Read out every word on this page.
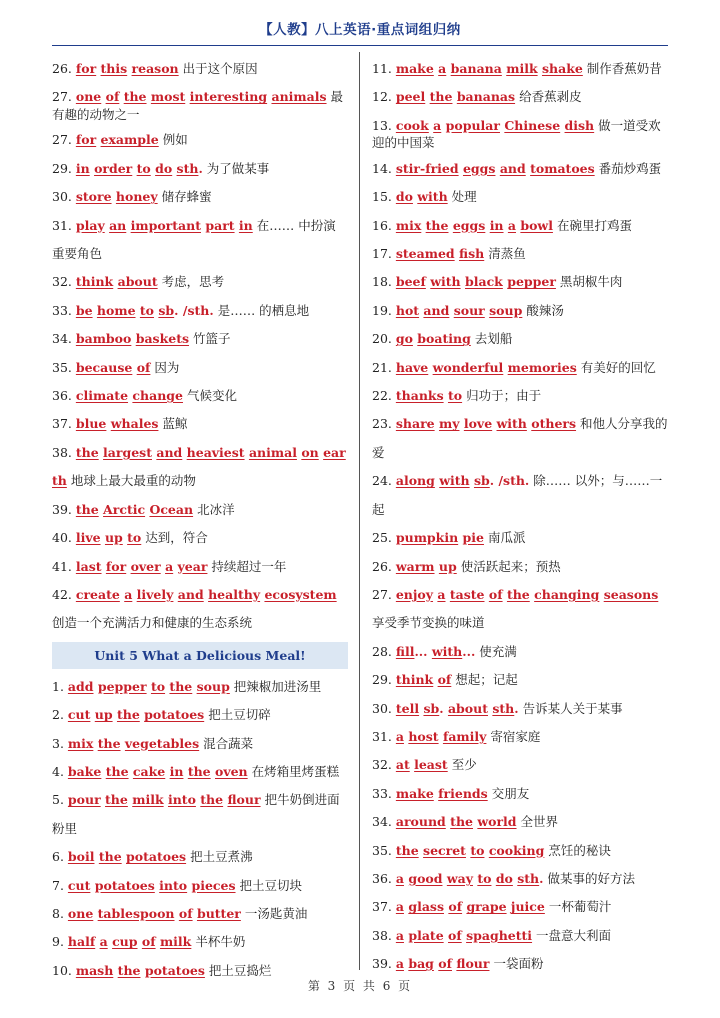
【人教】八上英语·重点词组归纳

26. for this reason 出于这个原因

27. one of the most interesting animals 最有趣的动物之一

27. for example 例如

29. in order to do sth. 为了做某事

30. store honey 储存蜂蜜

31. play an important part in 在…… 中扮演重要角色

32. think about 考虑，思考

33. be home to sb. /sth. 是…… 的栖息地

34. bamboo baskets 竹篮子

35. because of 因为

36. climate change 气候变化

37. blue whales 蓝鲸

38. the largest and heaviest animal on earth 地球上最大最重的动物

39. the Arctic Ocean 北冰洋

40. live up to 达到，符合

41. last for over a year 持续超过一年

42. create a lively and healthy ecosystem 创造一个充满活力和健康的生态系统

Unit 5 What a Delicious Meal!

1. add pepper to the soup 把辣椒加进汤里

2. cut up the potatoes 把土豆切碎

3. mix the vegetables 混合蔬菜

4. bake the cake in the oven 在烤箱里烤蛋糕

5. pour the milk into the flour 把牛奶倒进面粉里

6. boil the potatoes 把土豆煮沸

7. cut potatoes into pieces 把土豆切块

8. one tablespoon of butter 一汤匙黄油

9. half a cup of milk 半杯牛奶

10. mash the potatoes 把土豆捣烂

11. make a banana milk shake 制作香蕉奶昔

12. peel the bananas 给香蕉剥皮

13. cook a popular Chinese dish 做一道受欢迎的中国菜

14. stir-fried eggs and tomatoes 番茄炒鸡蛋

15. do with 处理

16. mix the eggs in a bowl 在碗里打鸡蛋

17. steamed fish 清蒸鱼

18. beef with black pepper 黑胡椒牛肉

19. hot and sour soup 酸辣汤

20. go boating 去划船

21. have wonderful memories 有美好的回忆

22. thanks to 归功于；由于

23. share my love with others 和他人分享我的爱

24. along with sb. /sth. 除…… 以外；与……一起

25. pumpkin pie 南瓜派

26. warm up 使活跃起来；预热

27. enjoy a taste of the changing seasons 享受季节变换的味道

28. fill... with... 使充满

29. think of 想起；记起

30. tell sb. about sth. 告诉某人关于某事

31. a host family 寄宿家庭

32. at least 至少

33. make friends 交朋友

34. around the world 全世界

35. the secret to cooking 烹饪的秘诀

36. a good way to do sth. 做某事的好方法

37. a glass of grape juice 一杯葡萄汁

38. a plate of spaghetti 一盘意大利面

39. a bag of flour 一袋面粉

第 3 页 共 6 页
